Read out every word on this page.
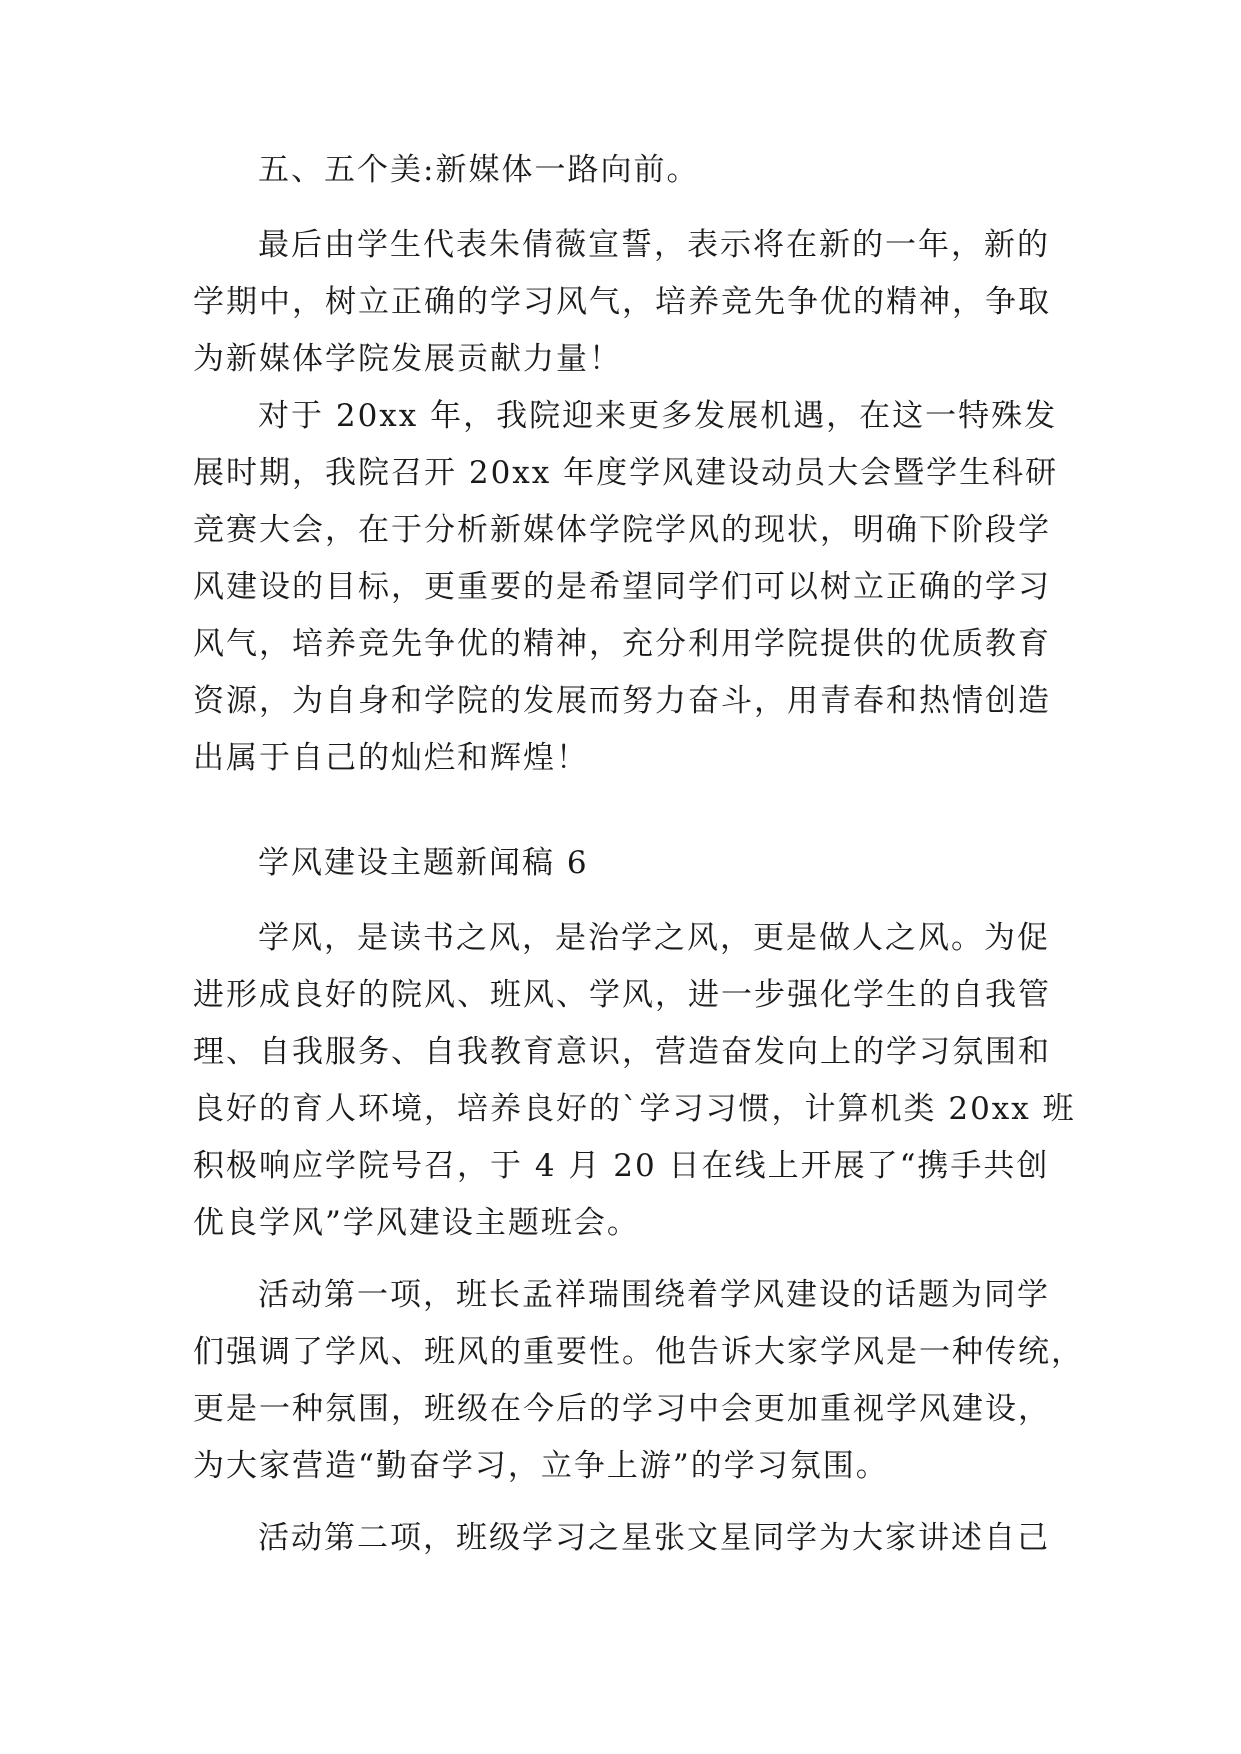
五、五个美:新媒体一路向前。
最后由学生代表朱倩薇宣誓，表示将在新的一年，新的
学期中，树立正确的学习风气，培养竞先争优的精神，争取
为新媒体学院发展贡献力量！
对于 20xx 年，我院迎来更多发展机遇，在这一特殊发
展时期，我院召开 20xx 年度学风建设动员大会暨学生科研
竞赛大会，在于分析新媒体学院学风的现状，明确下阶段学
风建设的目标，更重要的是希望同学们可以树立正确的学习
风气，培养竞先争优的精神，充分利用学院提供的优质教育
资源，为自身和学院的发展而努力奋斗，用青春和热情创造
出属于自己的灿烂和辉煌！
学风建设主题新闻稿 6
学风，是读书之风，是治学之风，更是做人之风。为促
进形成良好的院风、班风、学风，进一步强化学生的自我管
理、自我服务、自我教育意识，营造奋发向上的学习氛围和
良好的育人环境，培养良好的`学习习惯，计算机类 20xx 班
积极响应学院号召，于 4 月 20 日在线上开展了“携手共创
优良学风”学风建设主题班会。
活动第一项，班长孟祥瑞围绕着学风建设的话题为同学
们强调了学风、班风的重要性。他告诉大家学风是一种传统，
更是一种氛围，班级在今后的学习中会更加重视学风建设，
为大家营造“勤奋学习，立争上游”的学习氛围。
活动第二项，班级学习之星张文星同学为大家讲述自己
